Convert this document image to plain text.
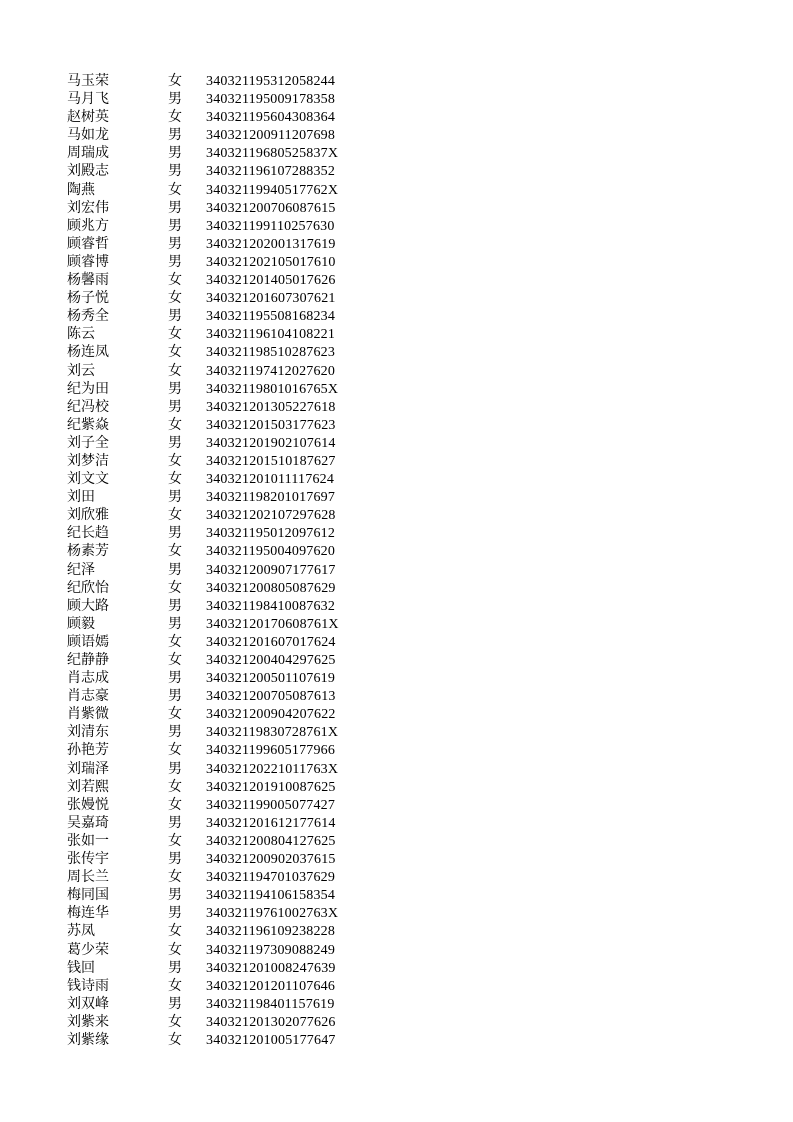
马玉荣	女	340321195312058244
马月飞	男	340321195009178358
赵树英	女	340321195604308364
马如龙	男	340321200911207698
周瑞成	男	34032119680525837X
刘殿志	男	340321196107288352
陶燕	女	34032119940517762X
刘宏伟	男	340321200706087615
顾兆方	男	340321199110257630
顾睿哲	男	340321202001317619
顾睿博	男	340321202105017610
杨馨雨	女	340321201405017626
杨子悦	女	340321201607307621
杨秀全	男	340321195508168234
陈云	女	340321196104108221
杨连凤	女	340321198510287623
刘云	女	340321197412027620
纪为田	男	34032119801016765X
纪冯校	男	340321201305227618
纪紫焱	女	340321201503177623
刘子全	男	340321201902107614
刘梦洁	女	340321201510187627
刘文文	女	340321201011117624
刘田	男	340321198201017697
刘欣雅	女	340321202107297628
纪长趋	男	340321195012097612
杨素芳	女	340321195004097620
纪泽	男	340321200907177617
纪欣怡	女	340321200805087629
顾大路	男	340321198410087632
顾毅	男	34032120170608761X
顾语嫣	女	340321201607017624
纪静静	女	340321200404297625
肖志成	男	340321200501107619
肖志豪	男	340321200705087613
肖紫微	女	340321200904207622
刘清东	男	34032119830728761X
孙艳芳	女	340321199605177966
刘瑞泽	男	34032120221011763X
刘若熙	女	340321201910087625
张嫚悦	女	340321199005077427
吴嘉琦	男	340321201612177614
张如一	女	340321200804127625
张传宇	男	340321200902037615
周长兰	女	340321194701037629
梅同国	男	340321194106158354
梅连华	男	34032119761002763X
苏凤	女	340321196109238228
葛少荣	女	340321197309088249
钱回	男	340321201008247639
钱诗雨	女	340321201201107646
刘双峰	男	340321198401157619
刘紫来	女	340321201302077626
刘紫缘	女	340321201005177647
